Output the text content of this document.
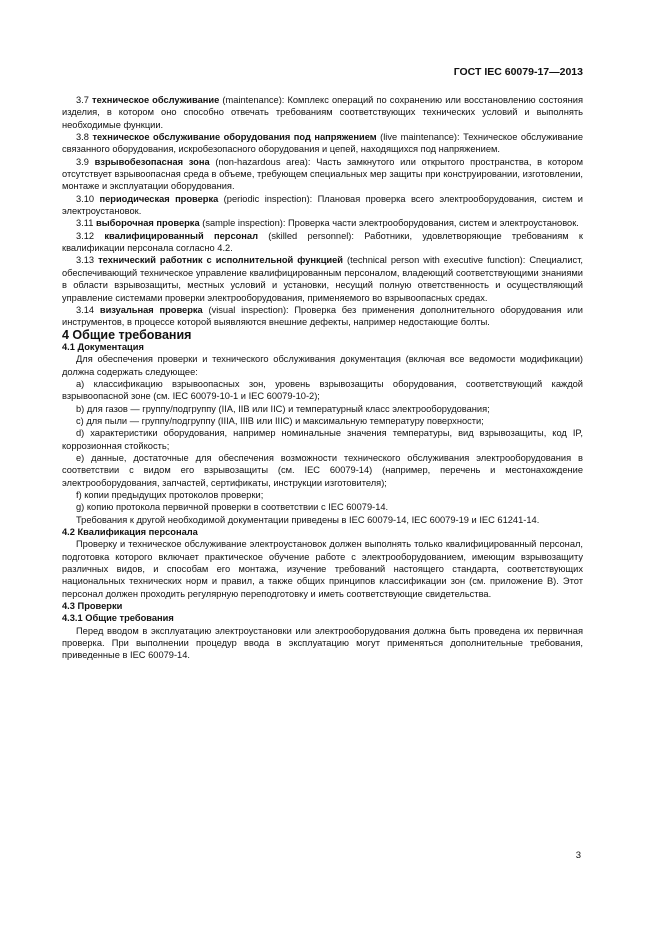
ГОСТ IEC 60079-17—2013

3.7 техническое обслуживание (maintenance): Комплекс операций по сохранению или восстановлению состояния изделия, в котором оно способно отвечать требованиям соответствующих технических условий и выполнять необходимые функции.

3.8 техническое обслуживание оборудования под напряжением (live maintenance): Техническое обслуживание связанного оборудования, искробезопасного оборудования и цепей, находящихся под напряжением.

3.9 взрывобезопасная зона (non-hazardous area): Часть замкнутого или открытого пространства, в котором отсутствует взрывоопасная среда в объеме, требующем специальных мер защиты при конструировании, изготовлении, монтаже и эксплуатации оборудования.

3.10 периодическая проверка (periodic inspection): Плановая проверка всего электрооборудования, систем и электроустановок.

3.11 выборочная проверка (sample inspection): Проверка части электрооборудования, систем и электроустановок.

3.12 квалифицированный персонал (skilled personnel): Работники, удовлетворяющие требованиям к квалификации персонала согласно 4.2.

3.13 технический работник с исполнительной функцией (technical person with executive function): Специалист, обеспечивающий техническое управление квалифицированным персоналом, владеющий соответствующими знаниями в области взрывозащиты, местных условий и установки, несущий полную ответственность и осуществляющий управление системами проверки электрооборудования, применяемого во взрывоопасных средах.

3.14 визуальная проверка (visual inspection): Проверка без применения дополнительного оборудования или инструментов, в процессе которой выявляются внешние дефекты, например недостающие болты.

4 Общие требования

4.1 Документация

Для обеспечения проверки и технического обслуживания документация (включая все ведомости модификации) должна содержать следующее:

a) классификацию взрывоопасных зон, уровень взрывозащиты оборудования, соответствующий каждой взрывоопасной зоне (см. IEC 60079-10-1 и IEC 60079-10-2);

b) для газов — группу/подгруппу (IIA, IIB или IIC) и температурный класс электрооборудования;

c) для пыли — группу/подгруппу (IIIA, IIIB или IIIC) и максимальную температуру поверхности;

d) характеристики оборудования, например номинальные значения температуры, вид взрывозащиты, код IP, коррозионная стойкость;

e) данные, достаточные для обеспечения возможности технического обслуживания электрооборудования в соответствии с видом его взрывозащиты (см. IEC 60079-14) (например, перечень и местонахождение электрооборудования, запчастей, сертификаты, инструкции изготовителя);

f) копии предыдущих протоколов проверки;

g) копию протокола первичной проверки в соответствии с IEC 60079-14.

Требования к другой необходимой документации приведены в IEC 60079-14, IEC 60079-19 и IEC 61241-14.

4.2 Квалификация персонала

Проверку и техническое обслуживание электроустановок должен выполнять только квалифицированный персонал, подготовка которого включает практическое обучение работе с электрооборудованием, имеющим взрывозащиту различных видов, и способам его монтажа, изучение требований настоящего стандарта, соответствующих национальных технических норм и правил, а также общих принципов классификации зон (см. приложение В). Этот персонал должен проходить регулярную переподготовку и иметь соответствующие свидетельства.

4.3 Проверки

4.3.1 Общие требования

Перед вводом в эксплуатацию электроустановки или электрооборудования должна быть проведена их первичная проверка. При выполнении процедур ввода в эксплуатацию могут применяться дополнительные требования, приведенные в IEC 60079-14.

3
